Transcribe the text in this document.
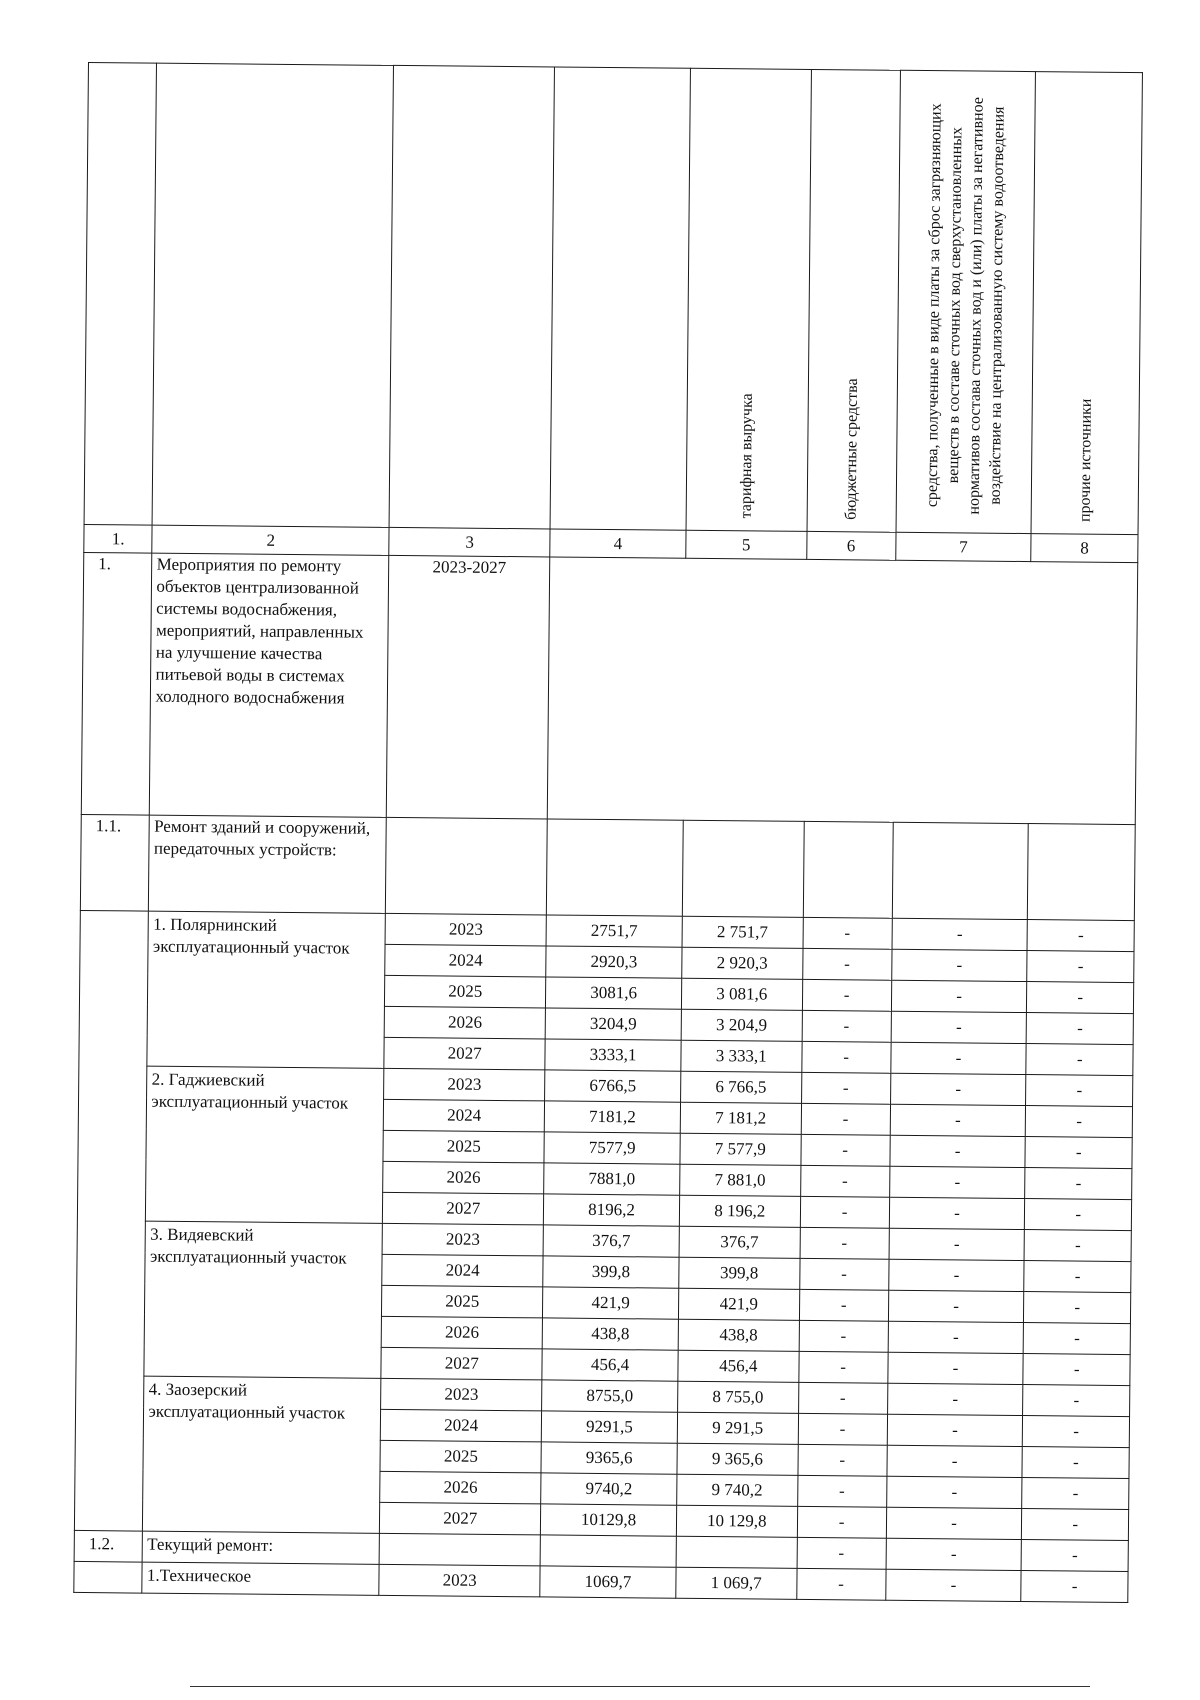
				тарифная выручка	бюджетные средства	средства, полученные в виде платы за сброс загрязняющих веществ в составе сточных вод сверхустановленных нормативов состава сточных вод и (или) платы за негативное воздействие на централизованную систему водоотведения	прочие источники
1.	2	3	4	5	6	7	8
1.	Мероприятия по ремонту объектов централизованной системы водоснабжения, мероприятий, направленных на улучшение качества питьевой воды в системах холодного водоснабжения	2023-2027					
1.1.	Ремонт зданий и сооружений, передаточных устройств:						
	1. Полярнинский эксплуатационный участок	2023	2751,7	2 751,7	-	-	-
		2024	2920,3	2 920,3	-	-	-
		2025	3081,6	3 081,6	-	-	-
		2026	3204,9	3 204,9	-	-	-
		2027	3333,1	3 333,1	-	-	-
	2. Гаджиевский эксплуатационный участок	2023	6766,5	6 766,5	-	-	-
		2024	7181,2	7 181,2	-	-	-
		2025	7577,9	7 577,9	-	-	-
		2026	7881,0	7 881,0	-	-	-
		2027	8196,2	8 196,2	-	-	-
	3. Видяевский эксплуатационный участок	2023	376,7	376,7	-	-	-
		2024	399,8	399,8	-	-	-
		2025	421,9	421,9	-	-	-
		2026	438,8	438,8	-	-	-
		2027	456,4	456,4	-	-	-
	4. Заозерский эксплуатационный участок	2023	8755,0	8 755,0	-	-	-
		2024	9291,5	9 291,5	-	-	-
		2025	9365,6	9 365,6	-	-	-
		2026	9740,2	9 740,2	-	-	-
		2027	10129,8	10 129,8	-	-	-
1.2.	Текущий ремонт:				-	-	-
	1.Техническое	2023	1069,7	1 069,7	-	-	-
